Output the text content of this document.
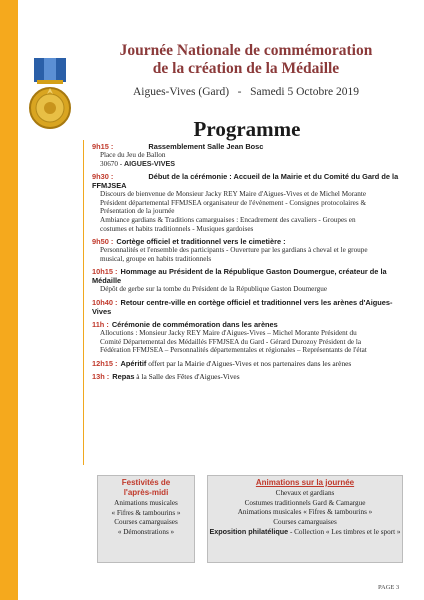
Journée Nationale de commémoration
de la création de la Médaille
Aigues-Vives (Gard)   -   Samedi 5 Octobre 2019
Programme
9h15 :	Rassemblement Salle Jean Bosc
Place du Jeu de Ballon
30670 - AIGUES-VIVES
9h30 :	Début de la cérémonie : Accueil de la Mairie et du Comité du Gard de la FFMJSEA
Discours de bienvenue de Monsieur Jacky REY Maire d'Aigues-Vives et de Michel Morante
Président départemental FFMJSEA organisateur de l'évènement - Consignes protocolaires &
Présentation de la journée
Ambiance gardians & Traditions camarguaises : Encadrement des cavaliers - Groupes en
costumes et habits traditionnels - Musiques gardoises
9h50 : Cortège officiel et traditionnel vers le cimetière :
Personnalités et l'ensemble des participants - Ouverture par les gardians à cheval et le groupe
musical, groupe en habits traditionnels
10h15 : Hommage au Président de la République Gaston Doumergue, créateur de la Médaille
Dépôt de gerbe sur la tombe du Président de la République Gaston Doumergue
10h40 : Retour centre-ville en cortège officiel et traditionnel vers les arènes d'Aigues-Vives
11h : Cérémonie de commémoration dans les arènes
Allocutions : Monsieur Jacky REY Maire d'Aigues-Vives – Michel Morante Président du
Comité Départemental des Médaillés FFMJSEA du Gard - Gérard Durozoy Président de la
Fédération FFMJSEA – Personnalités départementales et régionales – Représentants de l'état
12h15 : Apéritif offert par la Mairie d'Aigues-Vives et nos partenaires dans les arènes
13h : Repas à la Salle des Fêtes d'Aigues-Vives
Festivités de
l'après-midi
Animations musicales
« Fifres & tambourins »
Courses camarguaises
« Démonstrations »
Animations sur la journée
Chevaux et gardians
Costumes traditionnels Gard & Camargue
Animations musicales « Fifres & tambourins »
Courses camarguaises
Exposition philatélique - Collection « Les timbres et le sport »
PAGE 3
